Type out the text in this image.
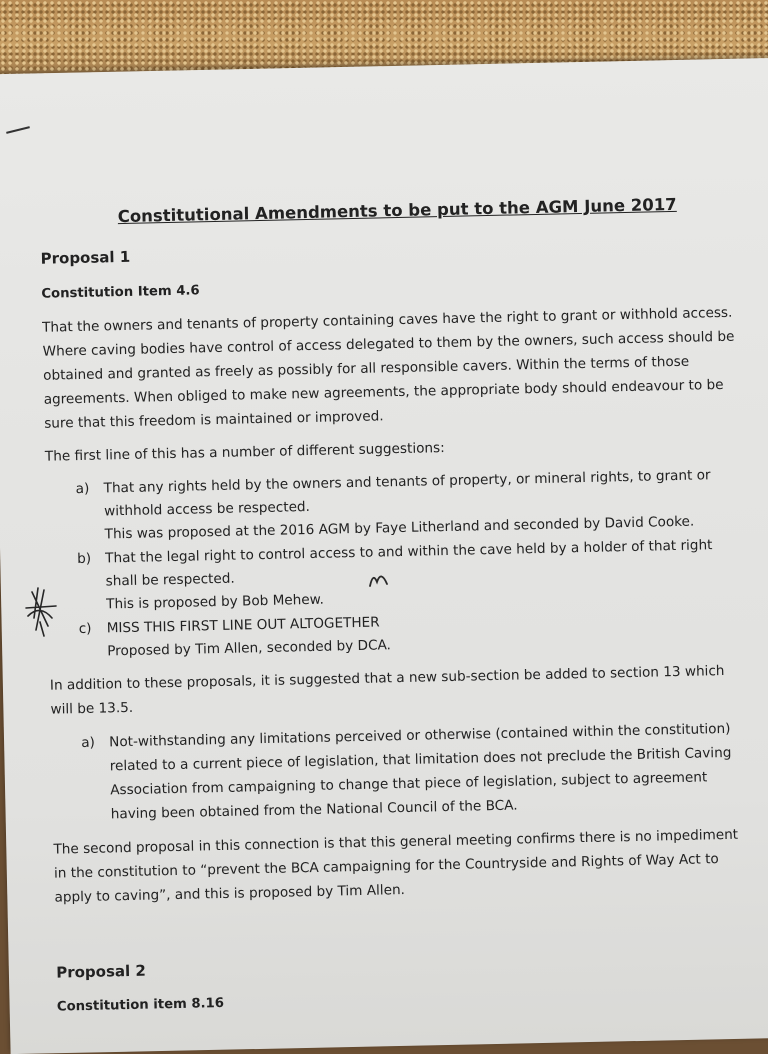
Constitutional Amendments to be put to the AGM June 2017
Proposal 1
Constitution Item 4.6
That the owners and tenants of property containing caves have the right to grant or withhold access.
Where caving bodies have control of access delegated to them by the owners, such access should be
obtained and granted as freely as possibly for all responsible cavers. Within the terms of those
agreements. When obliged to make new agreements, the appropriate body should endeavour to be
sure that this freedom is maintained or improved.
The first line of this has a number of different suggestions:
a) That any rights held by the owners and tenants of property, or mineral rights, to grant or
withhold access be respected.
This was proposed at the 2016 AGM by Faye Litherland and seconded by David Cooke.
b) That the legal right to control access to and within the cave held by a holder of that right
shall be respected.
This is proposed by Bob Mehew.
c) MISS THIS FIRST LINE OUT ALTOGETHER
Proposed by Tim Allen, seconded by DCA.
In addition to these proposals, it is suggested that a new sub-section be added to section 13 which
will be 13.5.
a) Not-withstanding any limitations perceived or otherwise (contained within the constitution)
related to a current piece of legislation, that limitation does not preclude the British Caving
Association from campaigning to change that piece of legislation, subject to agreement
having been obtained from the National Council of the BCA.
The second proposal in this connection is that this general meeting confirms there is no impediment
in the constitution to “prevent the BCA campaigning for the Countryside and Rights of Way Act to
apply to caving”, and this is proposed by Tim Allen.
Proposal 2
Constitution item 8.16
